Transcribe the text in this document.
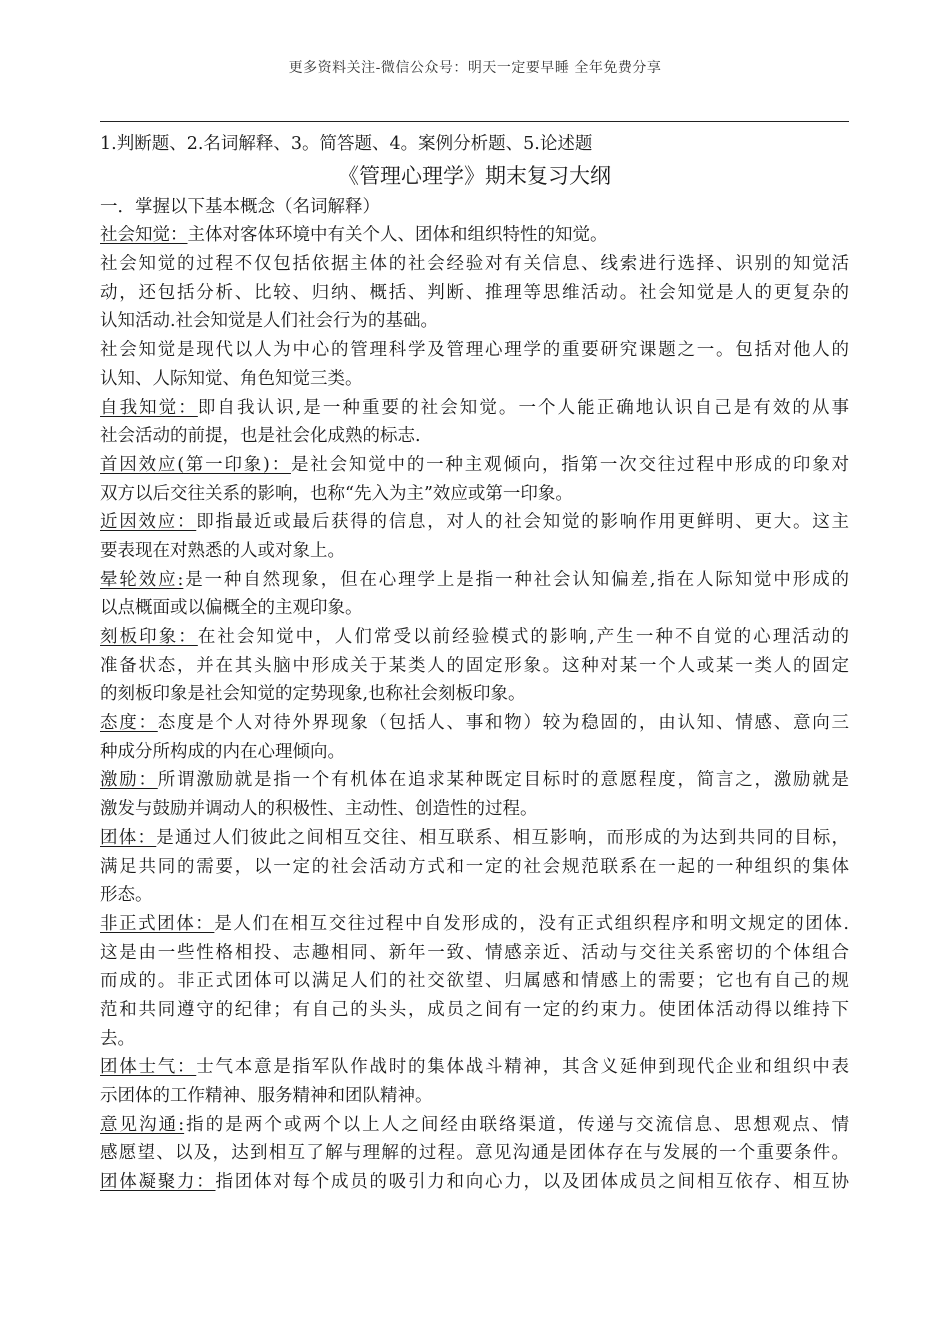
更多资料关注-微信公众号：明天一定要早睡 全年免费分享
1.判断题、2.名词解释、3。简答题、4。案例分析题、5.论述题
《管理心理学》期末复习大纲
一．掌握以下基本概念（名词解释）
社会知觉：主体对客体环境中有关个人、团体和组织特性的知觉。
社会知觉的过程不仅包括依据主体的社会经验对有关信息、线索进行选择、识别的知觉活
动，还包括分析、比较、归纳、概括、判断、推理等思维活动。社会知觉是人的更复杂的
认知活动.社会知觉是人们社会行为的基础。
社会知觉是现代以人为中心的管理科学及管理心理学的重要研究课题之一。包括对他人的
认知、人际知觉、角色知觉三类。
自我知觉：即自我认识,是一种重要的社会知觉。一个人能正确地认识自己是有效的从事
社会活动的前提，也是社会化成熟的标志.
首因效应(第一印象)：是社会知觉中的一种主观倾向，指第一次交往过程中形成的印象对
双方以后交往关系的影响，也称“先入为主”效应或第一印象。
近因效应：即指最近或最后获得的信息，对人的社会知觉的影响作用更鲜明、更大。这主
要表现在对熟悉的人或对象上。
晕轮效应:是一种自然现象，但在心理学上是指一种社会认知偏差,指在人际知觉中形成的
以点概面或以偏概全的主观印象。
刻板印象：在社会知觉中，人们常受以前经验模式的影响,产生一种不自觉的心理活动的
准备状态，并在其头脑中形成关于某类人的固定形象。这种对某一个人或某一类人的固定
的刻板印象是社会知觉的定势现象,也称社会刻板印象。
态度：态度是个人对待外界现象（包括人、事和物）较为稳固的，由认知、情感、意向三
种成分所构成的内在心理倾向。
激励：所谓激励就是指一个有机体在追求某种既定目标时的意愿程度，简言之，激励就是
激发与鼓励并调动人的积极性、主动性、创造性的过程。
团体：是通过人们彼此之间相互交往、相互联系、相互影响，而形成的为达到共同的目标，
满足共同的需要，以一定的社会活动方式和一定的社会规范联系在一起的一种组织的集体
形态。
非正式团体：是人们在相互交往过程中自发形成的，没有正式组织程序和明文规定的团体.
这是由一些性格相投、志趣相同、新年一致、情感亲近、活动与交往关系密切的个体组合
而成的。非正式团体可以满足人们的社交欲望、归属感和情感上的需要；它也有自己的规
范和共同遵守的纪律；有自己的头头，成员之间有一定的约束力。使团体活动得以维持下
去。
团体士气：士气本意是指军队作战时的集体战斗精神，其含义延伸到现代企业和组织中表
示团体的工作精神、服务精神和团队精神。
意见沟通:指的是两个或两个以上人之间经由联络渠道，传递与交流信息、思想观点、情
感愿望、以及，达到相互了解与理解的过程。意见沟通是团体存在与发展的一个重要条件。
团体凝聚力：指团体对每个成员的吸引力和向心力，以及团体成员之间相互依存、相互协
